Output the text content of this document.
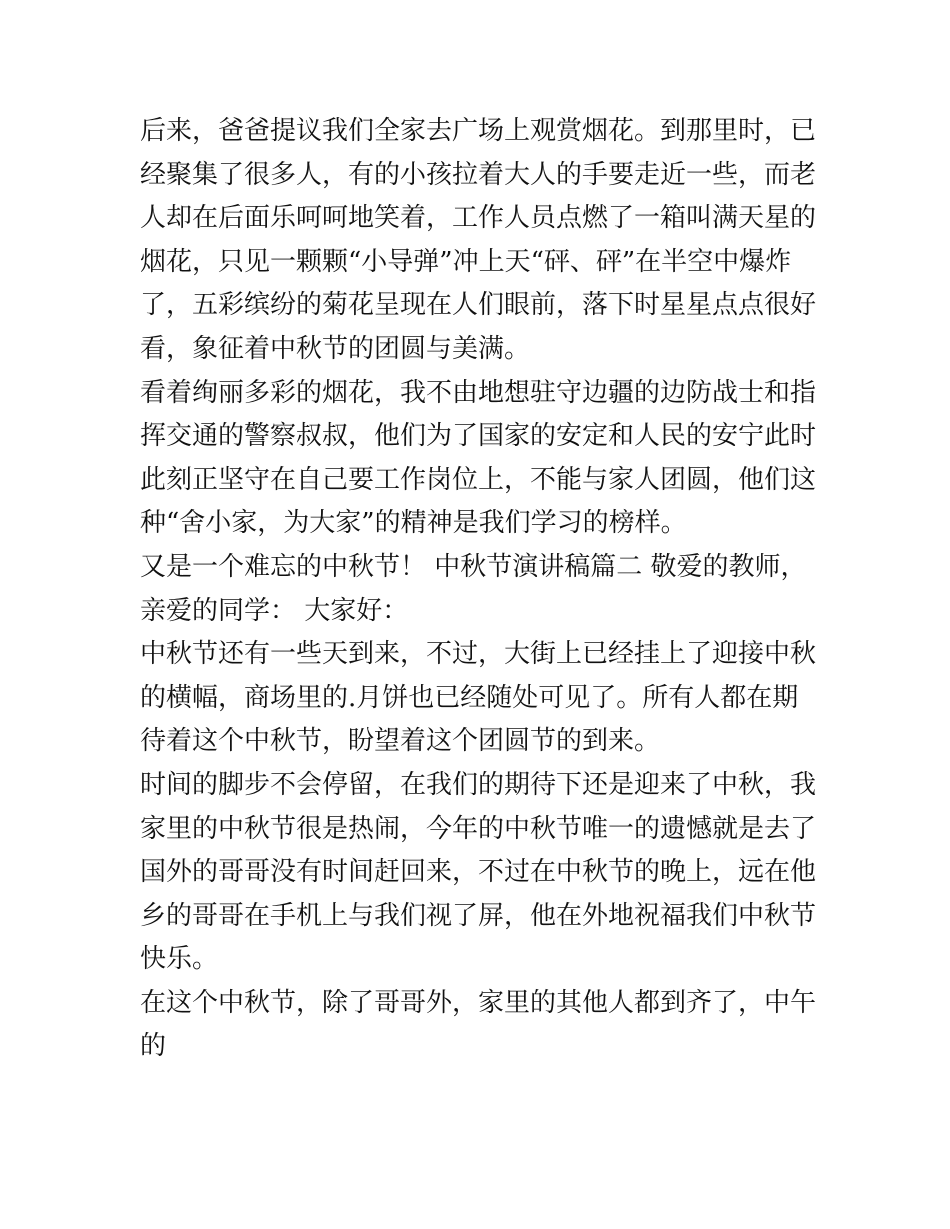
后来，爸爸提议我们全家去广场上观赏烟花。到那里时，已经聚集了很多人，有的小孩拉着大人的手要走近一些，而老人却在后面乐呵呵地笑着，工作人员点燃了一箱叫满天星的烟花，只见一颗颗“小导弹”冲上天“砰、砰”在半空中爆炸了，五彩缤纷的菊花呈现在人们眼前，落下时星星点点很好看，象征着中秋节的团圆与美满。

看着绚丽多彩的烟花，我不由地想驻守边疆的边防战士和指挥交通的警察叔叔，他们为了国家的安定和人民的安宁此时此刻正坚守在自己要工作岗位上，不能与家人团圆，他们这种“舍小家，为大家”的精神是我们学习的榜样。

又是一个难忘的中秋节！ 中秋节演讲稿篇二 敬爱的教师，亲爱的同学： 大家好：

中秋节还有一些天到来，不过，大街上已经挂上了迎接中秋的横幅，商场里的.月饼也已经随处可见了。所有人都在期待着这个中秋节，盼望着这个团圆节的到来。

时间的脚步不会停留，在我们的期待下还是迎来了中秋，我家里的中秋节很是热闹，今年的中秋节唯一的遗憾就是去了国外的哥哥没有时间赶回来，不过在中秋节的晚上，远在他乡的哥哥在手机上与我们视了屏，他在外地祝福我们中秋节快乐。

在这个中秋节，除了哥哥外，家里的其他人都到齐了，中午的
